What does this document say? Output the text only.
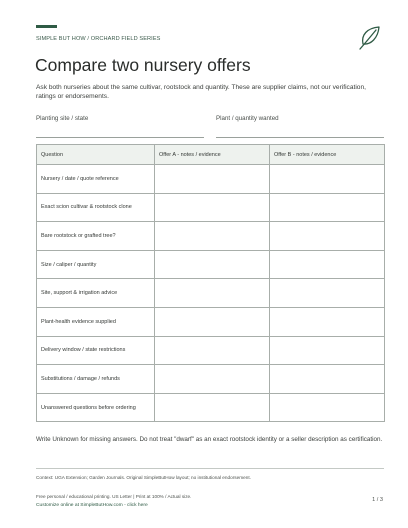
SIMPLE BUT HOW / ORCHARD FIELD SERIES
Compare two nursery offers
Ask both nurseries about the same cultivar, rootstock and quantity. These are supplier claims, not our verification, ratings or endorsements.
Planting site / state	Plant / quantity wanted
Question	Offer A - notes / evidence	Offer B - notes / evidence
Nursery / date / quote reference		
Exact scion cultivar & rootstock clone		
Bare rootstock or grafted tree?		
Size / caliper / quantity		
Site, support & irrigation advice		
Plant-health evidence supplied		
Delivery window / state restrictions		
Substitutions / damage / refunds		
Unanswered questions before ordering		
Write Unknown for missing answers. Do not treat "dwarf" as an exact rootstock identity or a seller description as certification.
Context: UGA Extension; Garden Journals. Original SimpleButHow layout; no institutional endorsement.
Free personal / educational printing. US Letter | Print at 100% / Actual size.
Customize online at SimpleButHow.com - click here
1 / 3
